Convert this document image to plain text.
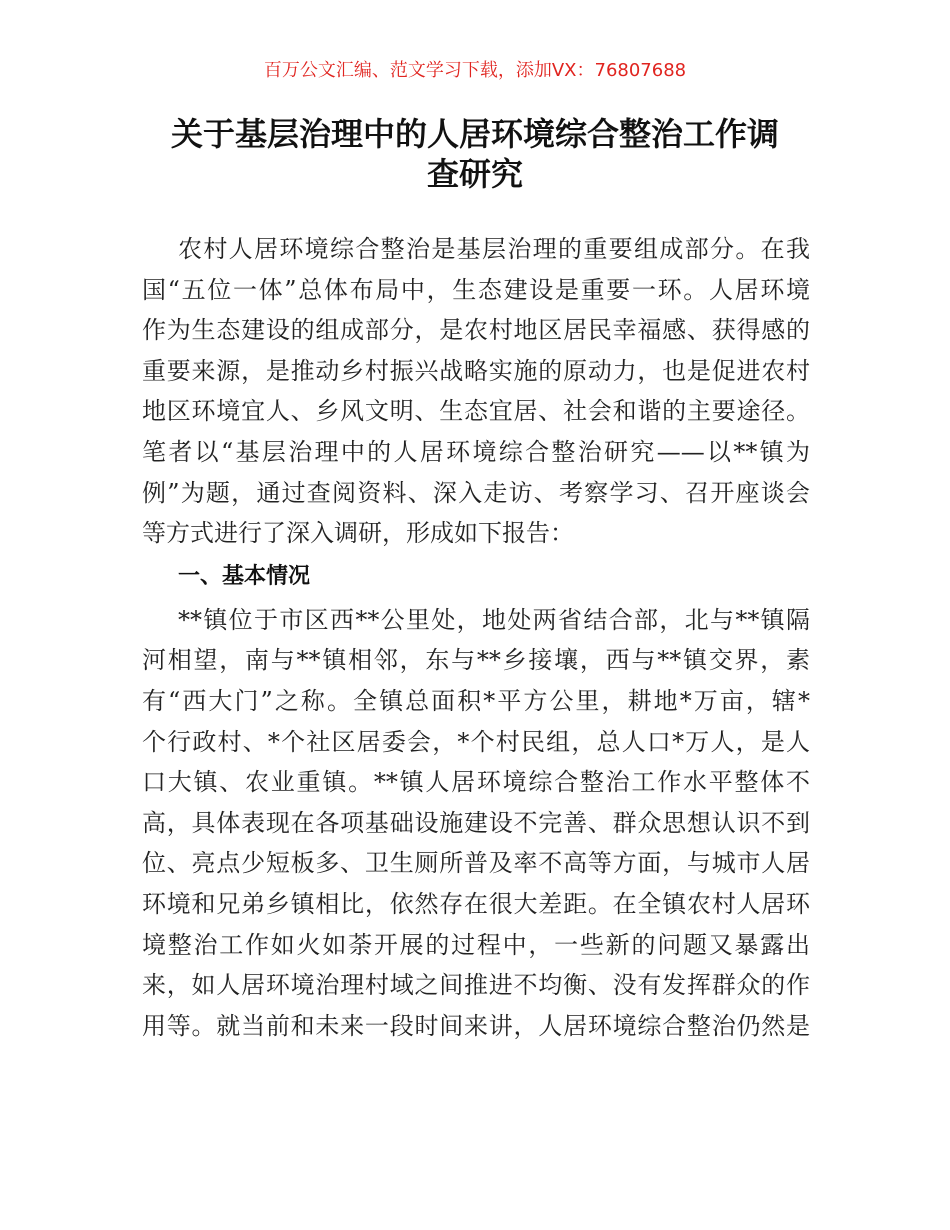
百万公文汇编、范文学习下载，添加VX：76807688
关于基层治理中的人居环境综合整治工作调
查研究
农村人居环境综合整治是基层治理的重要组成部分。在我
国“五位一体”总体布局中，生态建设是重要一环。人居环境
作为生态建设的组成部分，是农村地区居民幸福感、获得感的
重要来源，是推动乡村振兴战略实施的原动力，也是促进农村
地区环境宜人、乡风文明、生态宜居、社会和谐的主要途径。
笔者以“基层治理中的人居环境综合整治研究——以**镇为
例”为题，通过查阅资料、深入走访、考察学习、召开座谈会
等方式进行了深入调研，形成如下报告：
一、基本情况
**镇位于市区西**公里处，地处两省结合部，北与**镇隔
河相望，南与**镇相邻，东与**乡接壤，西与**镇交界，素
有“西大门”之称。全镇总面积*平方公里，耕地*万亩，辖*
个行政村、*个社区居委会，*个村民组，总人口*万人，是人
口大镇、农业重镇。**镇人居环境综合整治工作水平整体不
高，具体表现在各项基础设施建设不完善、群众思想认识不到
位、亮点少短板多、卫生厕所普及率不高等方面，与城市人居
环境和兄弟乡镇相比，依然存在很大差距。在全镇农村人居环
境整治工作如火如荼开展的过程中，一些新的问题又暴露出
来，如人居环境治理村域之间推进不均衡、没有发挥群众的作
用等。就当前和未来一段时间来讲，人居环境综合整治仍然是
